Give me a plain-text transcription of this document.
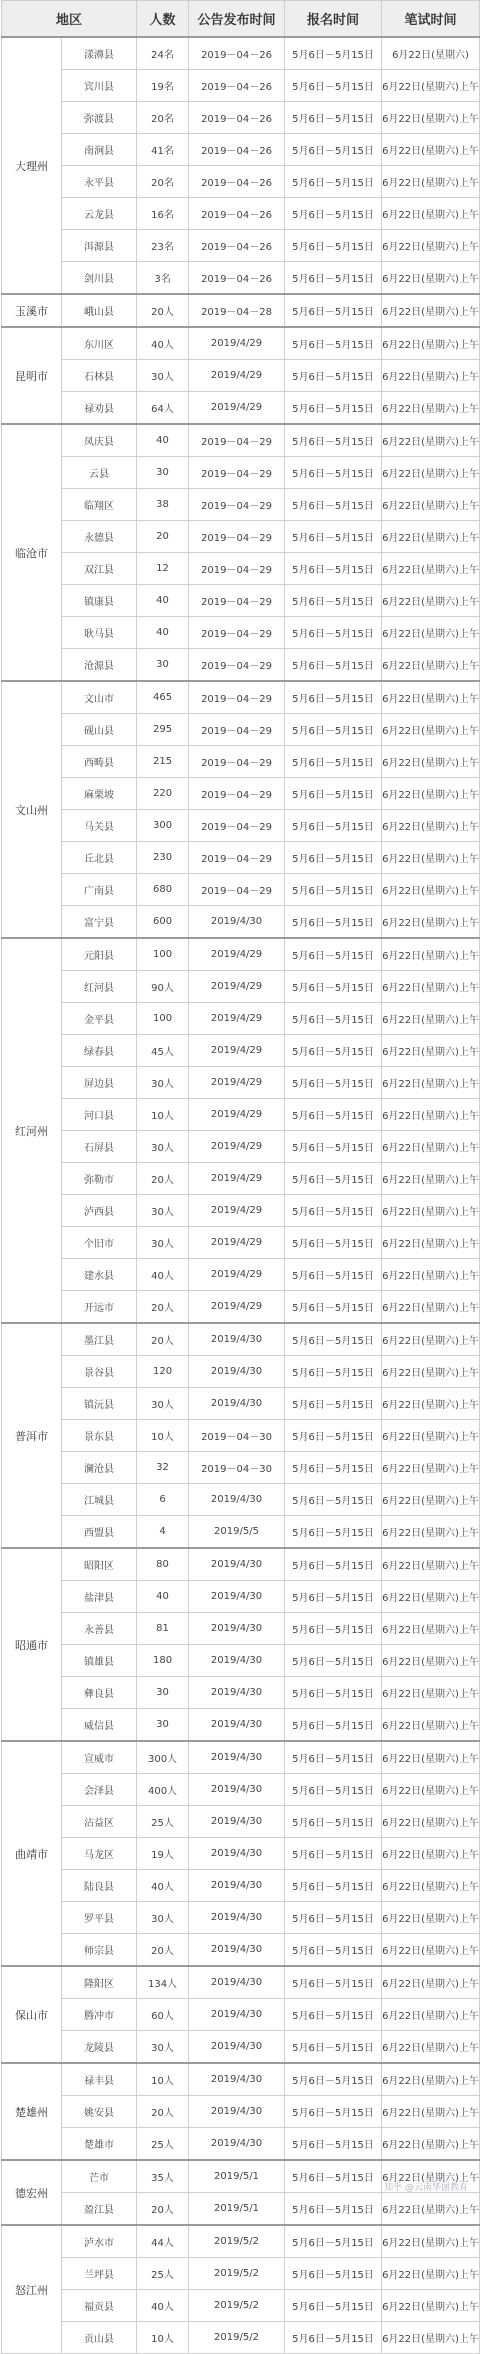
地区		人数	公告发布时间	报名时间	笔试时间
大理州	漾濞县	24名	2019－04－26	5月6日－5月15日	6月22日(星期六)
	宾川县	19名	2019－04－26	5月6日－5月15日	6月22日(星期六)上午
	弥渡县	20名	2019－04－26	5月6日－5月15日	6月22日(星期六)上午
	南涧县	41名	2019－04－26	5月6日－5月15日	6月22日(星期六)上午
	永平县	20名	2019－04－26	5月6日－5月15日	6月22日(星期六)上午
	云龙县	16名	2019－04－26	5月6日－5月15日	6月22日(星期六)上午
	洱源县	23名	2019－04－26	5月6日－5月15日	6月22日(星期六)上午
	剑川县	3名	2019－04－26	5月6日－5月15日	6月22日(星期六)上午
玉溪市	峨山县	20人	2019－04－28	5月6日－5月15日	6月22日(星期六)上午
昆明市	东川区	40人	2019/4/29	5月6日－5月15日	6月22日(星期六)上午
	石林县	30人	2019/4/29	5月6日－5月15日	6月22日(星期六)上午
	禄劝县	64人	2019/4/29	5月6日－5月15日	6月22日(星期六)上午
临沧市	凤庆县	40	2019－04－29	5月6日－5月15日	6月22日(星期六)上午
	云县	30	2019－04－29	5月6日－5月15日	6月22日(星期六)上午
	临翔区	38	2019－04－29	5月6日－5月15日	6月22日(星期六)上午
	永德县	20	2019－04－29	5月6日－5月15日	6月22日(星期六)上午
	双江县	12	2019－04－29	5月6日－5月15日	6月22日(星期六)上午
	镇康县	40	2019－04－29	5月6日－5月15日	6月22日(星期六)上午
	耿马县	40	2019－04－29	5月6日－5月15日	6月22日(星期六)上午
	沧源县	30	2019－04－29	5月6日－5月15日	6月22日(星期六)上午
文山州	文山市	465	2019－04－29	5月6日－5月15日	6月22日(星期六)上午
	砚山县	295	2019－04－29	5月6日－5月15日	6月22日(星期六)上午
	西畴县	215	2019－04－29	5月6日－5月15日	6月22日(星期六)上午
	麻栗坡	220	2019－04－29	5月6日－5月15日	6月22日(星期六)上午
	马关县	300	2019－04－29	5月6日－5月15日	6月22日(星期六)上午
	丘北县	230	2019－04－29	5月6日－5月15日	6月22日(星期六)上午
	广南县	680	2019－04－29	5月6日－5月15日	6月22日(星期六)上午
	富宁县	600	2019/4/30	5月6日－5月15日	6月22日(星期六)上午
红河州	元阳县	100	2019/4/29	5月6日－5月15日	6月22日(星期六)上午
	红河县	90人	2019/4/29	5月6日－5月15日	6月22日(星期六)上午
	金平县	100	2019/4/29	5月6日－5月15日	6月22日(星期六)上午
	绿春县	45人	2019/4/29	5月6日－5月15日	6月22日(星期六)上午
	屏边县	30人	2019/4/29	5月6日－5月15日	6月22日(星期六)上午
	河口县	10人	2019/4/29	5月6日－5月15日	6月22日(星期六)上午
	石屏县	30人	2019/4/29	5月6日－5月15日	6月22日(星期六)上午
	弥勒市	20人	2019/4/29	5月6日－5月15日	6月22日(星期六)上午
	泸西县	30人	2019/4/29	5月6日－5月15日	6月22日(星期六)上午
	个旧市	30人	2019/4/29	5月6日－5月15日	6月22日(星期六)上午
	建水县	40人	2019/4/29	5月6日－5月15日	6月22日(星期六)上午
	开远市	20人	2019/4/29	5月6日－5月15日	6月22日(星期六)上午
普洱市	墨江县	20人	2019/4/30	5月6日－5月15日	6月22日(星期六)上午
	景谷县	120	2019/4/30	5月6日－5月15日	6月22日(星期六)上午
	镇沅县	30人	2019/4/30	5月6日－5月15日	6月22日(星期六)上午
	景东县	10人	2019－04－30	5月6日－5月15日	6月22日(星期六)上午
	澜沧县	32	2019－04－30	5月6日－5月15日	6月22日(星期六)上午
	江城县	6	2019/4/30	5月6日－5月15日	6月22日(星期六)上午
	西盟县	4	2019/5/5	5月6日－5月15日	6月22日(星期六)上午
昭通市	昭阳区	80	2019/4/30	5月6日－5月15日	6月22日(星期六)上午
	盐津县	40	2019/4/30	5月6日－5月15日	6月22日(星期六)上午
	永善县	81	2019/4/30	5月6日－5月15日	6月22日(星期六)上午
	镇雄县	180	2019/4/30	5月6日－5月15日	6月22日(星期六)上午
	彝良县	30	2019/4/30	5月6日－5月15日	6月22日(星期六)上午
	威信县	30	2019/4/30	5月6日－5月15日	6月22日(星期六)上午
曲靖市	宣威市	300人	2019/4/30	5月6日－5月15日	6月22日(星期六)上午
	会泽县	400人	2019/4/30	5月6日－5月15日	6月22日(星期六)上午
	沾益区	25人	2019/4/30	5月6日－5月15日	6月22日(星期六)上午
	马龙区	19人	2019/4/30	5月6日－5月15日	6月22日(星期六)上午
	陆良县	40人	2019/4/30	5月6日－5月15日	6月22日(星期六)上午
	罗平县	30人	2019/4/30	5月6日－5月15日	6月22日(星期六)上午
	师宗县	20人	2019/4/30	5月6日－5月15日	6月22日(星期六)上午
保山市	隆阳区	134人	2019/4/30	5月6日－5月15日	6月22日(星期六)上午
	腾冲市	60人	2019/4/30	5月6日－5月15日	6月22日(星期六)上午
	龙陵县	30人	2019/4/30	5月6日－5月15日	6月22日(星期六)上午
楚雄州	禄丰县	10人	2019/4/30	5月6日－5月15日	6月22日(星期六)上午
	姚安县	20人	2019/4/30	5月6日－5月15日	6月22日(星期六)上午
	楚雄市	25人	2019/4/30	5月6日－5月15日	6月22日(星期六)上午
德宏州	芒市	35人	2019/5/1	5月6日－5月15日	6月22日(星期六)上午
	盈江县	20人	2019/5/1	5月6日－5月15日	6月22日(星期六)上午
怒江州	泸水市	44人	2019/5/2	5月6日－5月15日	6月22日(星期六)上午
	兰坪县	25人	2019/5/2	5月6日－5月15日	6月22日(星期六)上午
	福贡县	40人	2019/5/2	5月6日－5月15日	6月22日(星期六)上午
	贡山县	10人	2019/5/2	5月6日－5月15日	6月22日(星期六)上午
知乎 @云南华图教育
